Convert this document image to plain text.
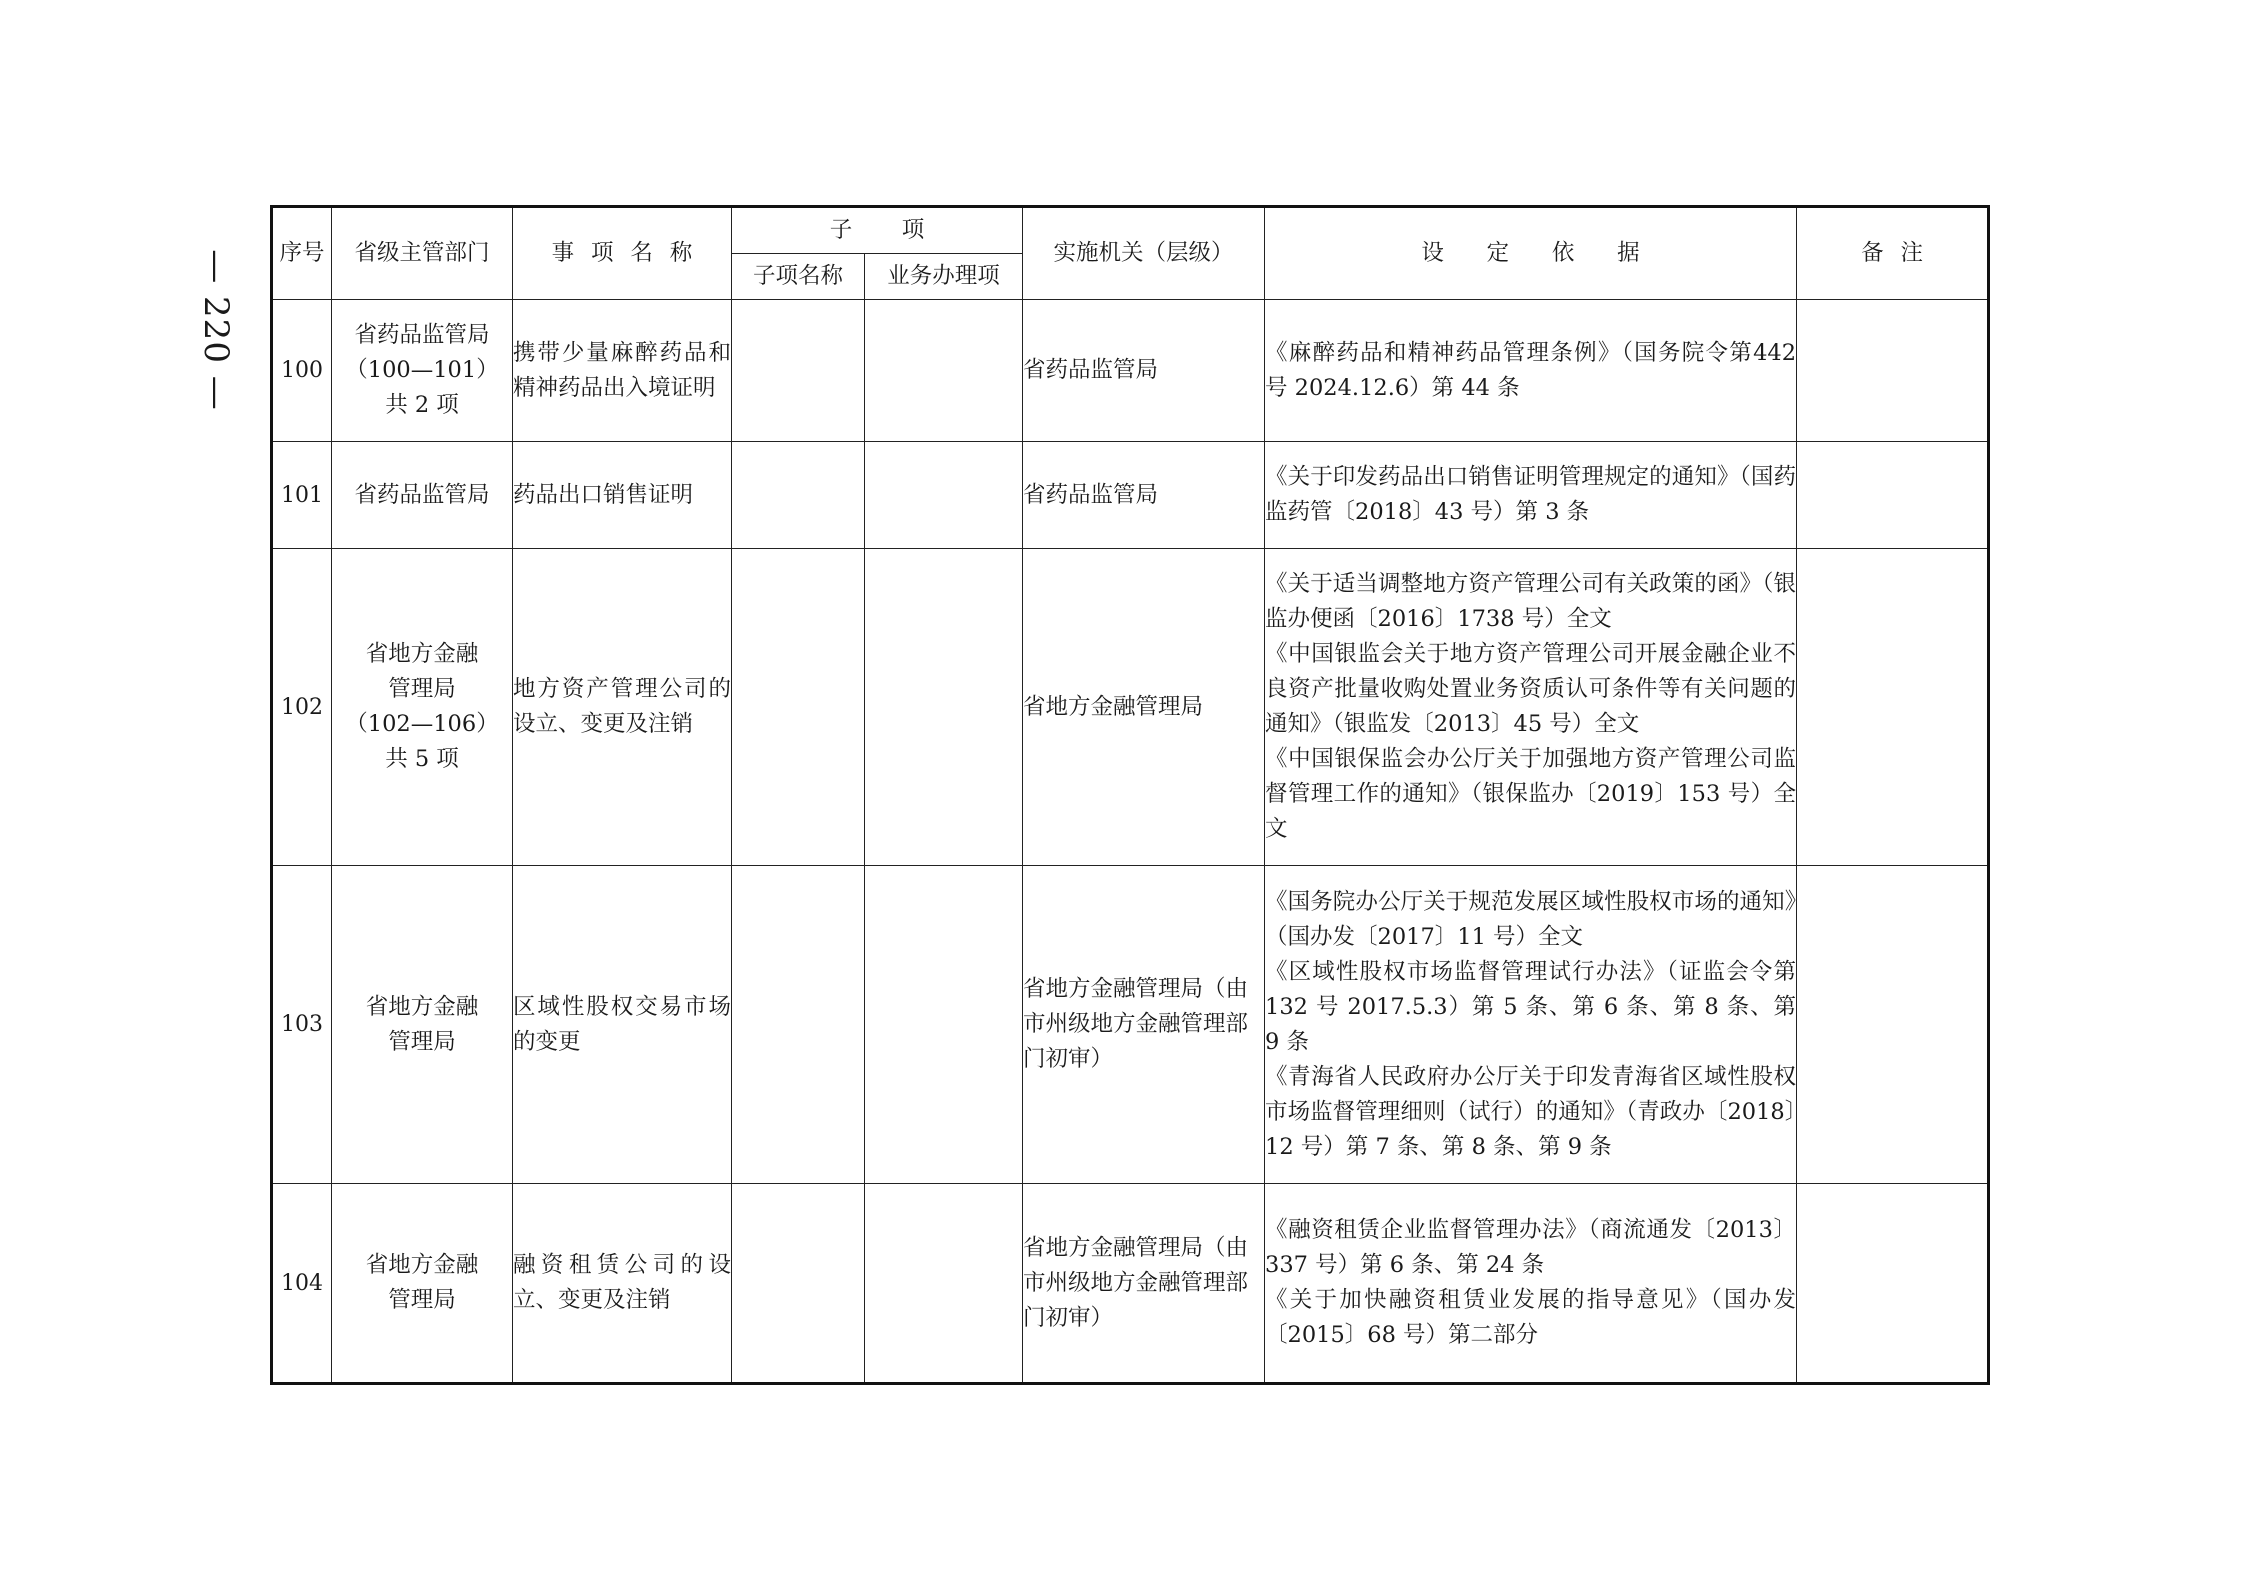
— 220 — 序号	省级主管部门	事项名称	子项		实施机关（层级）	设定依据	备注
			子项名称	业务办理项			
100	省药品监管局
（100—101）
共 2 项	携带少量麻醉药品和精神药品出入境证明			省药品监管局	《麻醉药品和精神药品管理条例》（国务院令第442 号 2024.12.6）第 44 条	

101	省药品监管局	药品出口销售证明			省药品监管局	《关于印发药品出口销售证明管理规定的通知》（国药监药管〔2018〕43 号）第 3 条	

102	省地方金融
管理局
（102—106）
共 5 项	地方资产管理公司的设立、变更及注销			省地方金融管理局	《关于适当调整地方资产管理公司有关政策的函》（银监办便函〔2016〕1738 号）全文
《中国银监会关于地方资产管理公司开展金融企业不良资产批量收购处置业务资质认可条件等有关问题的通知》（银监发〔2013〕45 号）全文
《中国银保监会办公厅关于加强地方资产管理公司监督管理工作的通知》（银保监办〔2019〕153 号）全文	

103	省地方金融
管理局	区域性股权交易市场的变更			省地方金融管理局（由市州级地方金融管理部门初审）	《国务院办公厅关于规范发展区域性股权市场的通知》（国办发〔2017〕11 号）全文
《区域性股权市场监督管理试行办法》（证监会令第 132 号 2017.5.3）第 5 条、第 6 条、第 8 条、第 9 条
《青海省人民政府办公厅关于印发青海省区域性股权市场监督管理细则（试行）的通知》（青政办〔2018〕12 号）第 7 条、第 8 条、第 9 条	

104	省地方金融
管理局	融资租赁公司的设立、变更及注销			省地方金融管理局（由市州级地方金融管理部门初审）	《融资租赁企业监督管理办法》（商流通发〔2013〕337 号）第 6 条、第 24 条
《关于加快融资租赁业发展的指导意见》（国办发〔2015〕68 号）第二部分	
